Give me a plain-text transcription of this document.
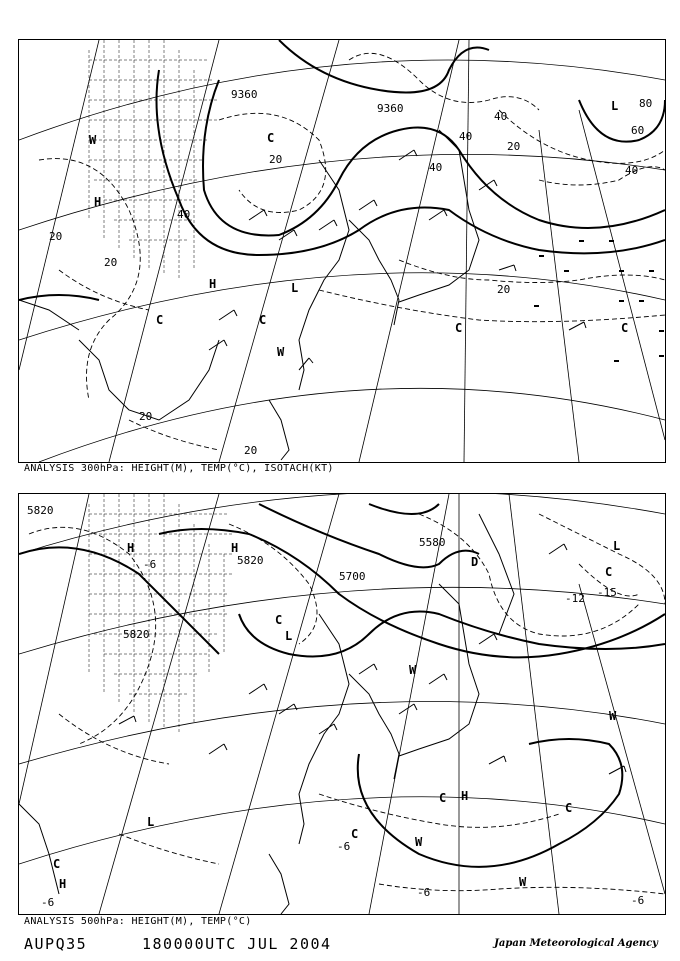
9360
9360
20
20
20
20
40
40
40
40
20
20
80
60
40
20
H
C
H	L
C
W
L
C
W
C	C
ANALYSIS 300hPa: HEIGHT(M), TEMP(°C), ISOTACH(KT)
5820
5820
5820
5700
5580
-6
-12 -15
-6
-6
-6	-6
H	H
L
C
D
L
C
W
W
C H
C
C
W
L
C
H	W
ANALYSIS 500hPa: HEIGHT(M), TEMP(°C)
AUPQ35	180000UTC JUL 2004	Japan Meteorological Agency
